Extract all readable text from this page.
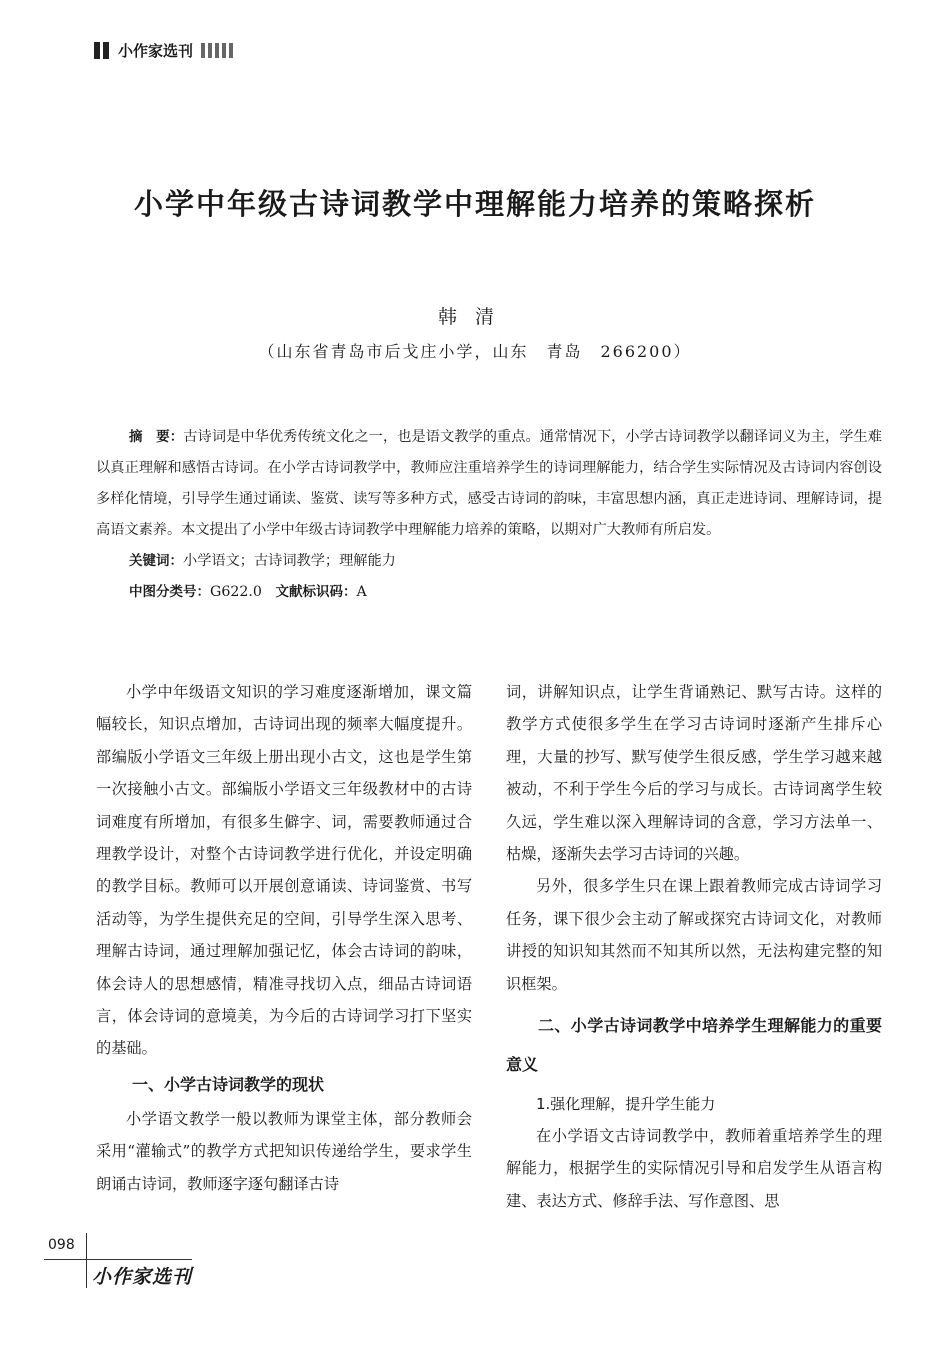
小作家选刊
小学中年级古诗词教学中理解能力培养的策略探析
韩清
（山东省青岛市后戈庄小学，山东　青岛　266200）

摘　要：古诗词是中华优秀传统文化之一，也是语文教学的重点。通常情况下，小学古诗词教学以翻译词义为主，学生难以真正理解和感悟古诗词。在小学古诗词教学中，教师应注重培养学生的诗词理解能力，结合学生实际情况及古诗词内容创设多样化情境，引导学生通过诵读、鉴赏、读写等多种方式，感受古诗词的韵味，丰富思想内涵，真正走进诗词、理解诗词，提高语文素养。本文提出了小学中年级古诗词教学中理解能力培养的策略，以期对广大教师有所启发。

关键词：小学语文；古诗词教学；理解能力

中图分类号：G622.0 文献标识码：A

小学中年级语文知识的学习难度逐渐增加，课文篇幅较长，知识点增加，古诗词出现的频率大幅度提升。部编版小学语文三年级上册出现小古文，这也是学生第一次接触小古文。部编版小学语文三年级教材中的古诗词难度有所增加，有很多生僻字、词，需要教师通过合理教学设计，对整个古诗词教学进行优化，并设定明确的教学目标。教师可以开展创意诵读、诗词鉴赏、书写活动等，为学生提供充足的空间，引导学生深入思考、理解古诗词，通过理解加强记忆，体会古诗词的韵味，体会诗人的思想感情，精准寻找切入点，细品古诗词语言，体会诗词的意境美，为今后的古诗词学习打下坚实的基础。

一、小学古诗词教学的现状

小学语文教学一般以教师为课堂主体，部分教师会采用“灌输式”的教学方式把知识传递给学生，要求学生朗诵古诗词，教师逐字逐句翻译古诗

词，讲解知识点，让学生背诵熟记、默写古诗。这样的教学方式使很多学生在学习古诗词时逐渐产生排斥心理，大量的抄写、默写使学生很反感，学生学习越来越被动，不利于学生今后的学习与成长。古诗词离学生较久远，学生难以深入理解诗词的含意，学习方法单一、枯燥，逐渐失去学习古诗词的兴趣。

另外，很多学生只在课上跟着教师完成古诗词学习任务，课下很少会主动了解或探究古诗词文化，对教师讲授的知识知其然而不知其所以然，无法构建完整的知识框架。

二、小学古诗词教学中培养学生理解能力的重要意义
1.强化理解，提升学生能力

在小学语文古诗词教学中，教师着重培养学生的理解能力，根据学生的实际情况引导和启发学生从语言构建、表达方式、修辞手法、写作意图、思

098
小作家选刊
